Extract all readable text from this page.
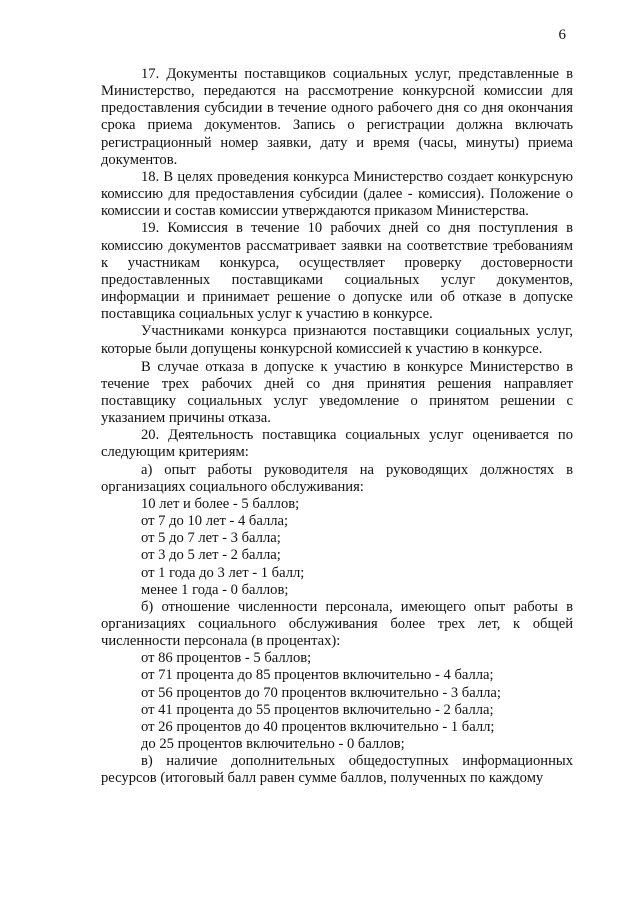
6

17. Документы поставщиков социальных услуг, представленные в Министерство, передаются на рассмотрение конкурсной комиссии для предоставления субсидии в течение одного рабочего дня со дня окончания срока приема документов. Запись о регистрации должна включать регистрационный номер заявки, дату и время (часы, минуты) приема документов.

18. В целях проведения конкурса Министерство создает конкурсную комиссию для предоставления субсидии (далее - комиссия). Положение о комиссии и состав комиссии утверждаются приказом Министерства.

19. Комиссия в течение 10 рабочих дней со дня поступления в комиссию документов рассматривает заявки на соответствие требованиям к участникам конкурса, осуществляет проверку достоверности предоставленных поставщиками социальных услуг документов, информации и принимает решение о допуске или об отказе в допуске поставщика социальных услуг к участию в конкурсе.

Участниками конкурса признаются поставщики социальных услуг, которые были допущены конкурсной комиссией к участию в конкурсе.

В случае отказа в допуске к участию в конкурсе Министерство в течение трех рабочих дней со дня принятия решения направляет поставщику социальных услуг уведомление о принятом решении с указанием причины отказа.

20. Деятельность поставщика социальных услуг оценивается по следующим критериям:

а) опыт работы руководителя на руководящих должностях в организациях социального обслуживания:

10 лет и более - 5 баллов;

от 7 до 10 лет - 4 балла;

от 5 до 7 лет - 3 балла;

от 3 до 5 лет - 2 балла;

от 1 года до 3 лет - 1 балл;

менее 1 года - 0 баллов;

б) отношение численности персонала, имеющего опыт работы в организациях социального обслуживания более трех лет, к общей численности персонала (в процентах):

от 86 процентов - 5 баллов;

от 71 процента до 85 процентов включительно - 4 балла;

от 56 процентов до 70 процентов включительно - 3 балла;

от 41 процента до 55 процентов включительно - 2 балла;

от 26 процентов до 40 процентов включительно - 1 балл;

до 25 процентов включительно - 0 баллов;

в) наличие дополнительных общедоступных информационных ресурсов (итоговый балл равен сумме баллов, полученных по каждому
